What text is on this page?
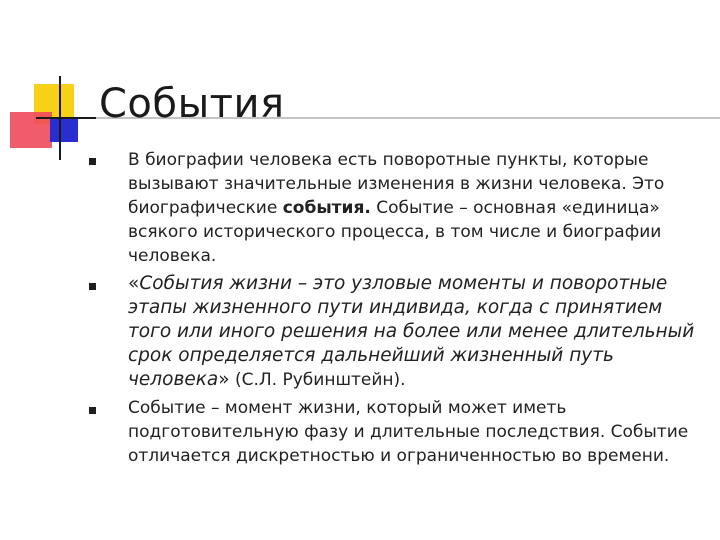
События
В биографии человека есть поворотные пункты, которые вызывают значительные изменения в жизни человека. Это биографические события. Событие – основная «единица» всякого исторического процесса, в том числе и биографии человека.
«События жизни – это узловые моменты и поворотные этапы жизненного пути индивида, когда с принятием того или иного решения на более или менее длительный срок определяется дальнейший жизненный путь человека» (С.Л. Рубинштейн).
Событие – момент жизни, который может иметь подготовительную фазу и длительные последствия. Событие отличается дискретностью и ограниченностью во времени.
